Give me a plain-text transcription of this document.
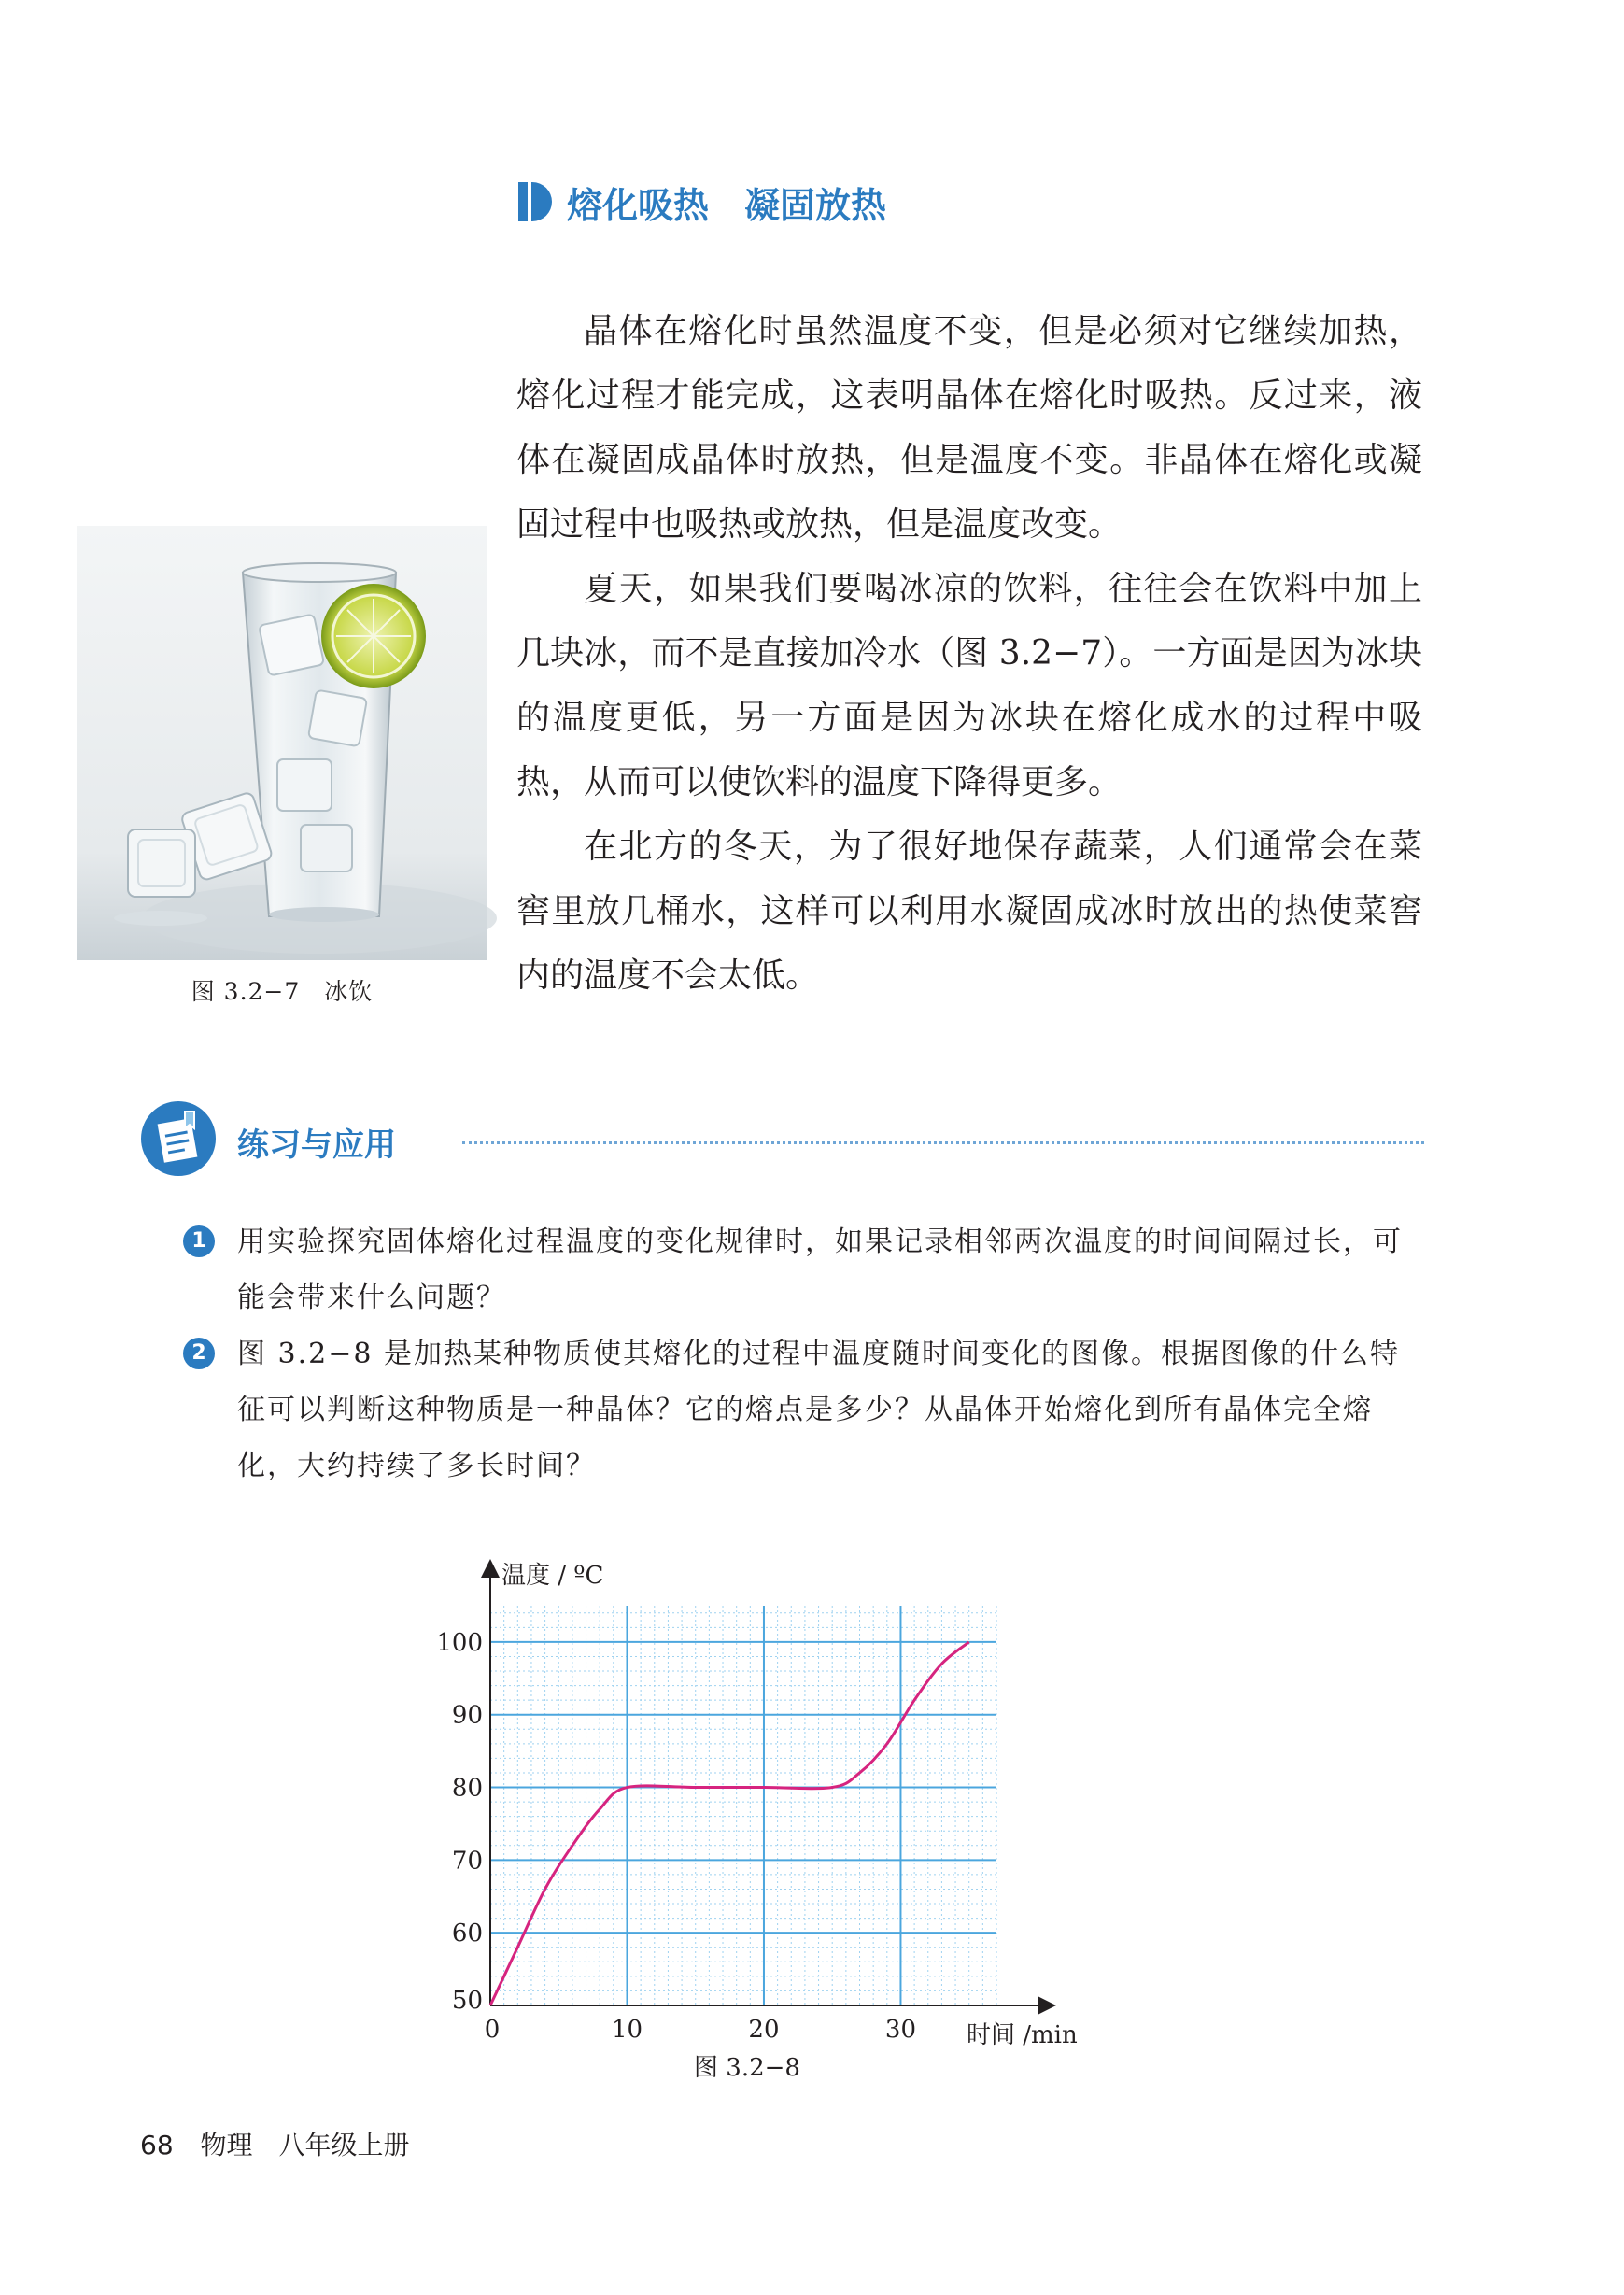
熔化吸热　凝固放热

晶体在熔化时虽然温度不变，但是必须对它继续加热，熔化过程才能完成，这表明晶体在熔化时吸热。反过来，液体在凝固成晶体时放热，但是温度不变。非晶体在熔化或凝固过程中也吸热或放热，但是温度改变。

夏天，如果我们要喝冰凉的饮料，往往会在饮料中加上几块冰，而不是直接加冷水（图 3.2−7）。一方面是因为冰块的温度更低，另一方面是因为冰块在熔化成水的过程中吸热，从而可以使饮料的温度下降得更多。

在北方的冬天，为了很好地保存蔬菜，人们通常会在菜窖里放几桶水，这样可以利用水凝固成冰时放出的热使菜窖内的温度不会太低。

图 3.2−7　冰饮
练习与应用
1	用实验探究固体熔化过程温度的变化规律时，如果记录相邻两次温度的时间间隔过长，可能会带来什么问题？
2	图 3.2−8 是加热某种物质使其熔化的过程中温度随时间变化的图像。根据图像的什么特征可以判断这种物质是一种晶体？它的熔点是多少？从晶体开始熔化到所有晶体完全熔化，大约持续了多长时间？
0	10	20	30
50
60
70
80
90
100
温度 / ºC
时间 /min
图 3.2−8
68 物理　八年级上册
